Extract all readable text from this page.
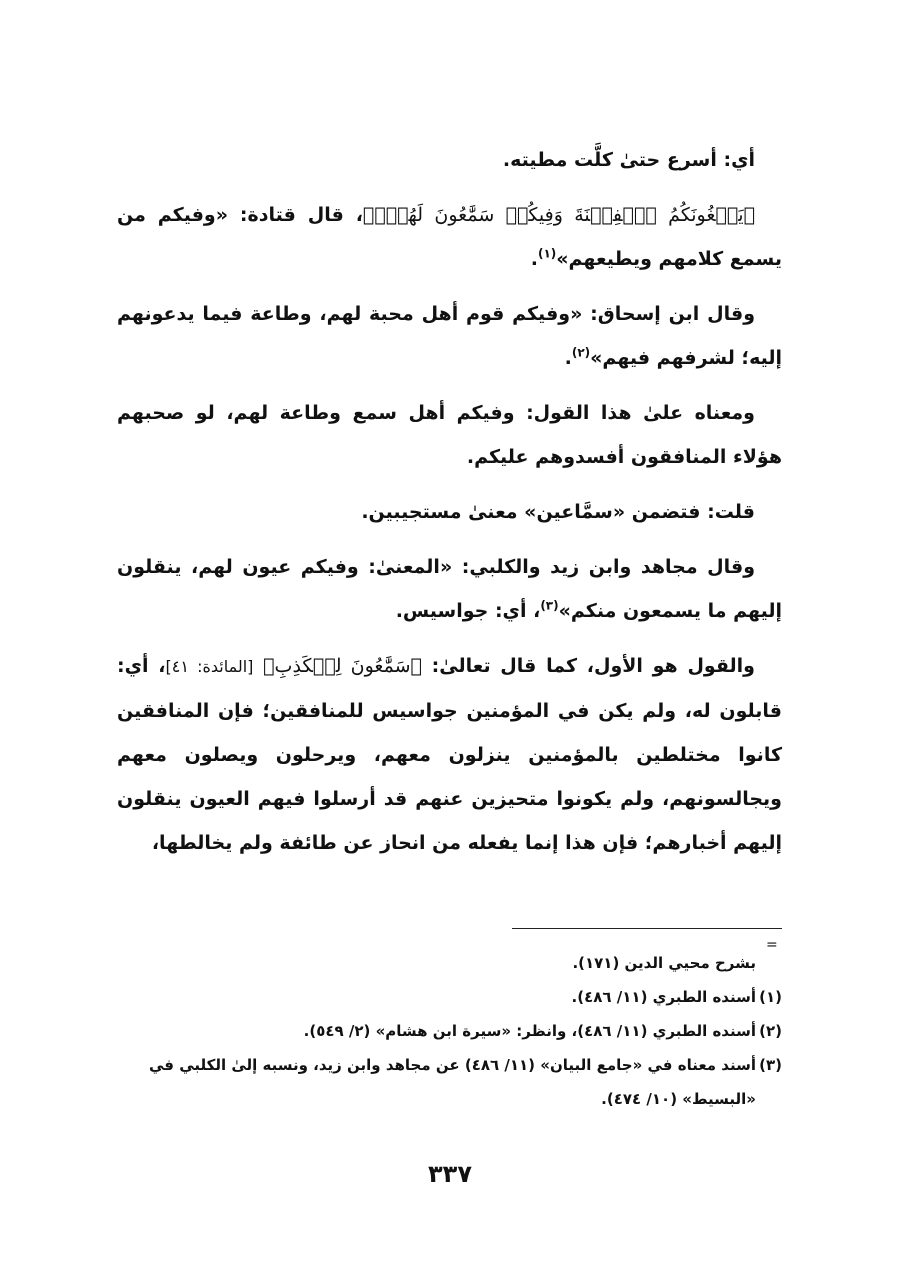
أي: أسرع حتىٰ كلَّت مطيته.

﴿يَبۡغُونَكُمُ ٱلۡفِتۡنَةَ وَفِيكُمۡ سَمَّٰعُونَ لَهُمۡۗ﴾، قال قتادة: «وفيكم من يسمع كلامهم ويطيعهم»$^{(١)}$.

وقال ابن إسحاق: «وفيكم قوم أهل محبة لهم، وطاعة فيما يدعونهم إليه؛ لشرفهم فيهم»$^{(٢)}$.

ومعناه علىٰ هذا القول: وفيكم أهل سمع وطاعة لهم، لو صحبهم هؤلاء المنافقون أفسدوهم عليكم.

قلت: فتضمن «سمَّاعين» معنىٰ مستجيبين.

وقال مجاهد وابن زيد والكلبي: «المعنىٰ: وفيكم عيون لهم، ينقلون إليهم ما يسمعون منكم»$^{(٣)}$، أي: جواسيس.

والقول هو الأول، كما قال تعالىٰ: ﴿سَمَّٰعُونَ لِلۡكَذِبِ﴾ [المائدة: ٤١]، أي: قابلون له، ولم يكن في المؤمنين جواسيس للمنافقين؛ فإن المنافقين كانوا مختلطين بالمؤمنين ينزلون معهم، ويرحلون ويصلون معهم ويجالسونهم، ولم يكونوا متحيزين عنهم قد أرسلوا فيهم العيون ينقلون إليهم أخبارهم؛ فإن هذا إنما يفعله من انحاز عن طائفة ولم يخالطها،

=

بشرح محيي الدين (١٧١).

(١)أسنده الطبري (١١/ ٤٨٦).

(٢)أسنده الطبري (١١/ ٤٨٦)، وانظر: «سيرة ابن هشام» (٢/ ٥٤٩).

(٣)أسند معناه في «جامع البيان» (١١/ ٤٨٦) عن مجاهد وابن زيد، ونسبه إلىٰ الكلبي في «البسيط» (١٠/ ٤٧٤).

٣٣٧
